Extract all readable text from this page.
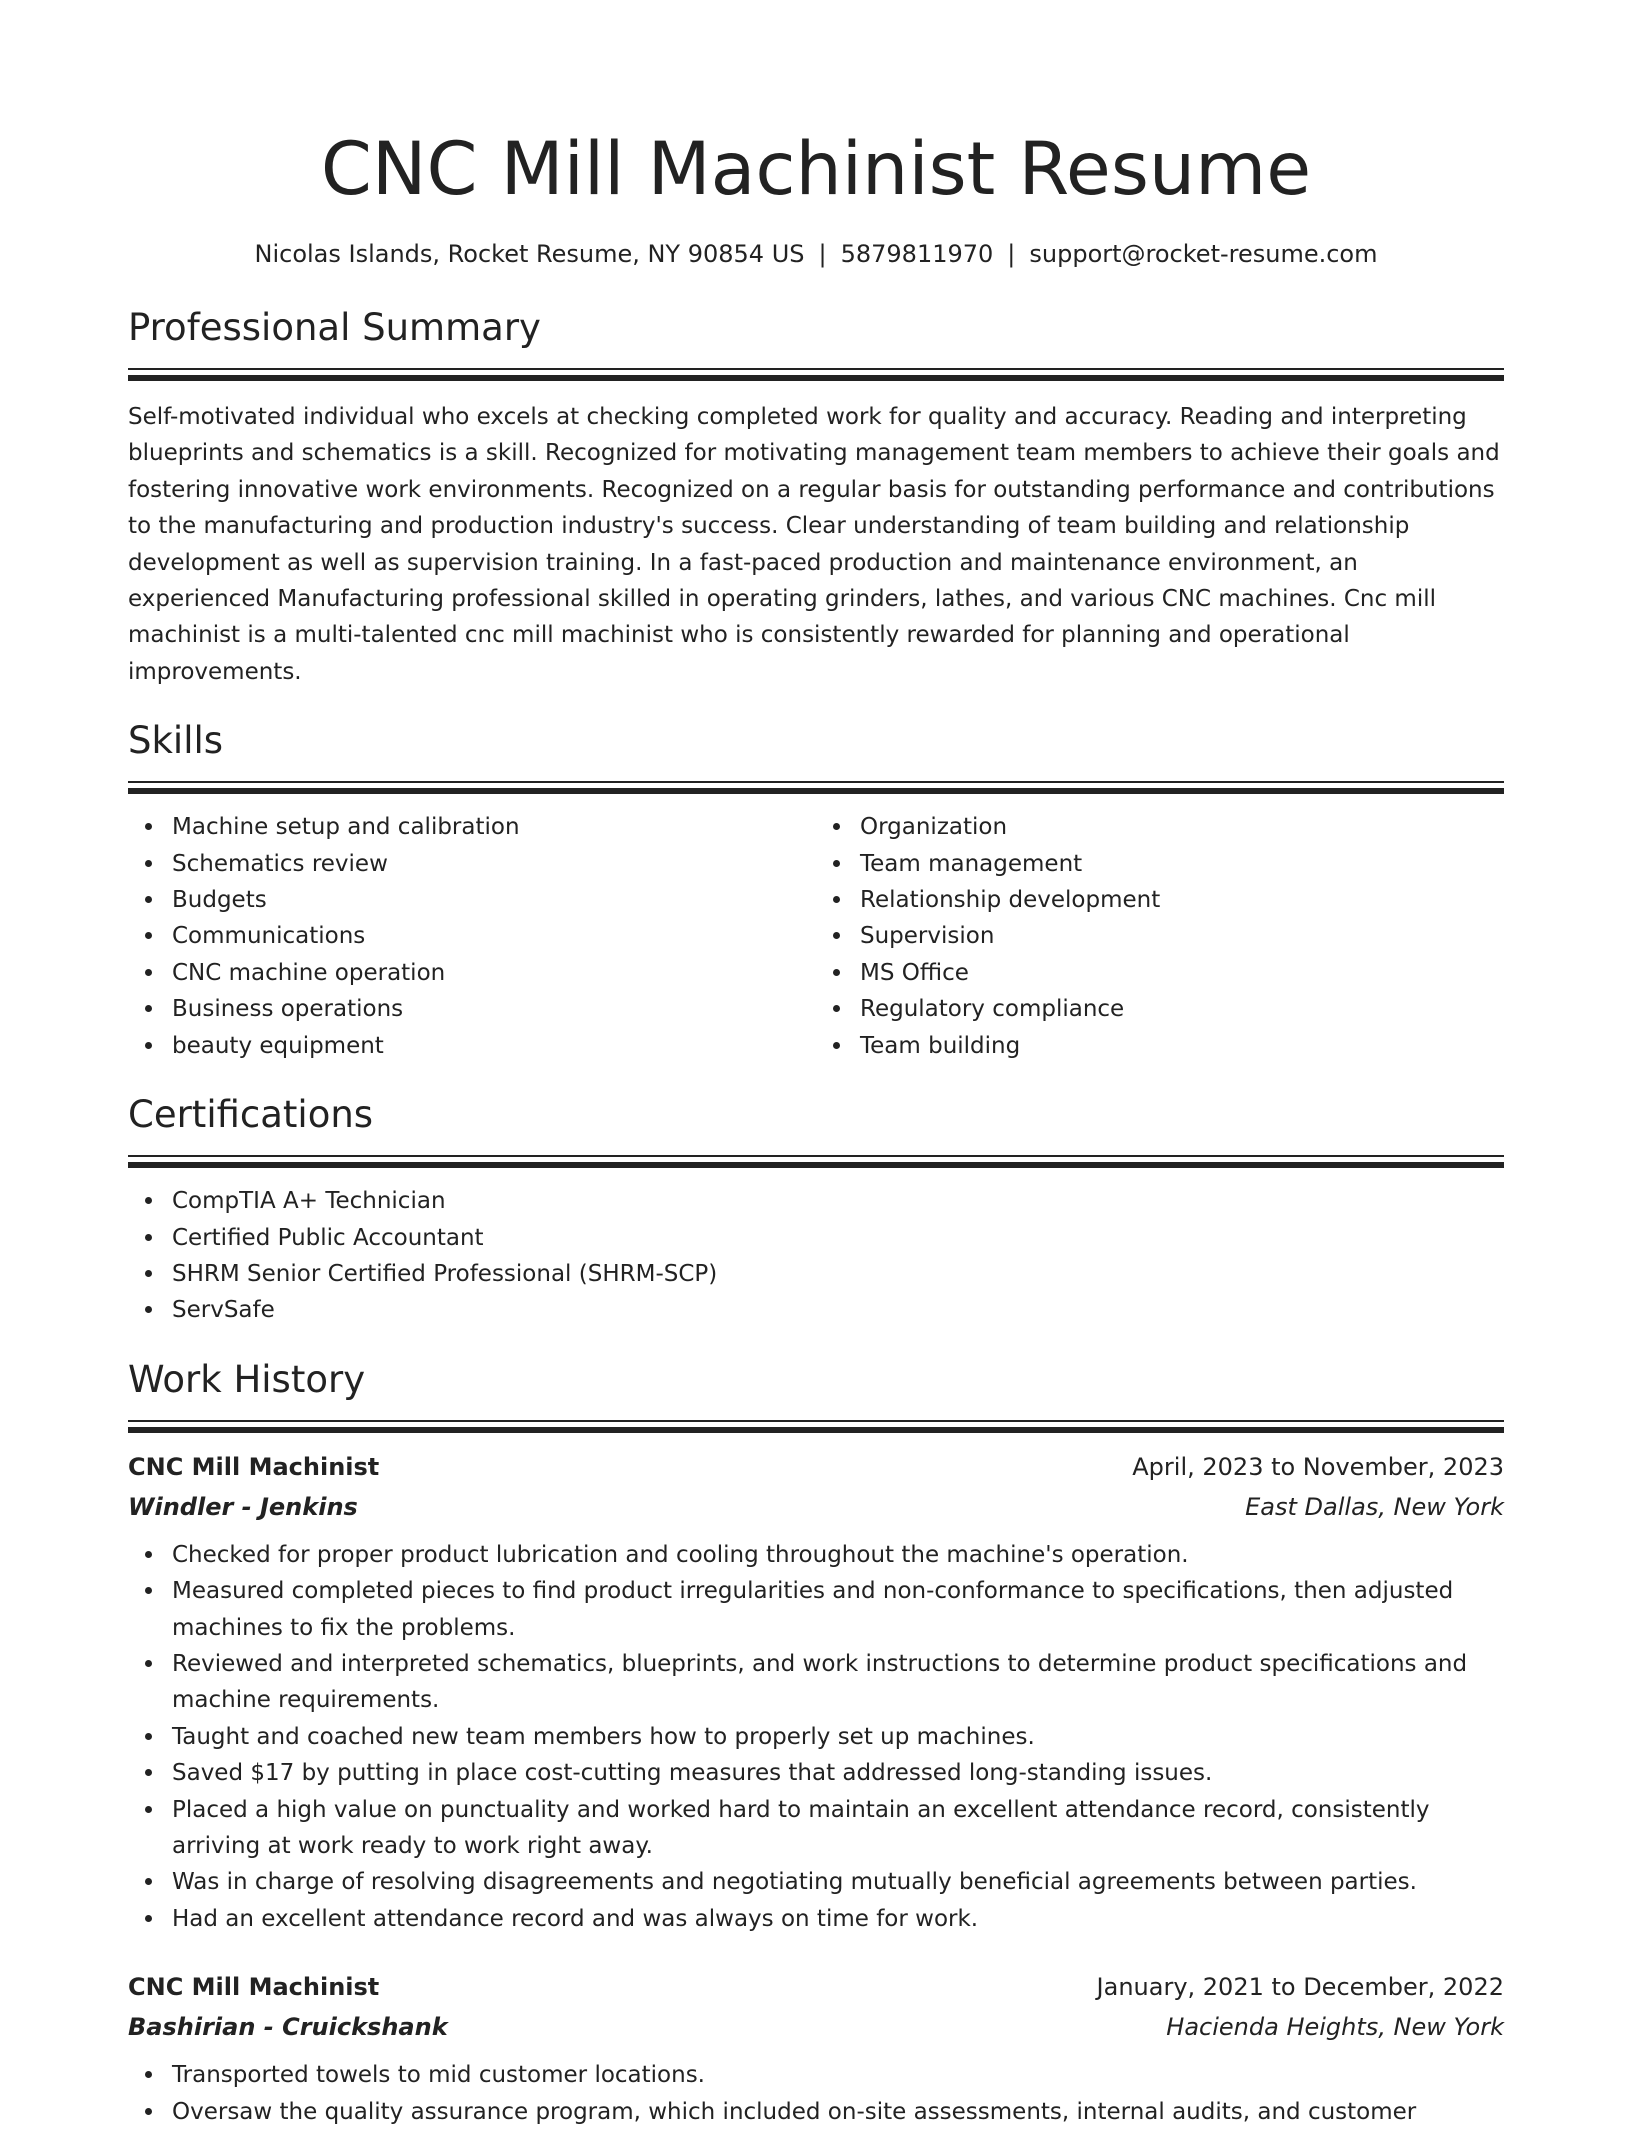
CNC Mill Machinist Resume
Nicolas Islands, Rocket Resume, NY 90854 US | 5879811970 | support@rocket-resume.com
Professional Summary
Self-motivated individual who excels at checking completed work for quality and accuracy. Reading and interpreting blueprints and schematics is a skill. Recognized for motivating management team members to achieve their goals and fostering innovative work environments. Recognized on a regular basis for outstanding performance and contributions to the manufacturing and production industry's success. Clear understanding of team building and relationship development as well as supervision training. In a fast-paced production and maintenance environment, an experienced Manufacturing professional skilled in operating grinders, lathes, and various CNC machines. Cnc mill machinist is a multi-talented cnc mill machinist who is consistently rewarded for planning and operational improvements.
Skills
Machine setup and calibration
Schematics review
Budgets
Communications
CNC machine operation
Business operations
beauty equipment
Organization
Team management
Relationship development
Supervision
MS Office
Regulatory compliance
Team building
Certifications
CompTIA A+ Technician
Certified Public Accountant
SHRM Senior Certified Professional (SHRM-SCP)
ServSafe
Work History
CNC Mill Machinist	April, 2023 to November, 2023
Windler - Jenkins	East Dallas, New York
Checked for proper product lubrication and cooling throughout the machine's operation.
Measured completed pieces to find product irregularities and non-conformance to specifications, then adjusted machines to fix the problems.
Reviewed and interpreted schematics, blueprints, and work instructions to determine product specifications and machine requirements.
Taught and coached new team members how to properly set up machines.
Saved $17 by putting in place cost-cutting measures that addressed long-standing issues.
Placed a high value on punctuality and worked hard to maintain an excellent attendance record, consistently arriving at work ready to work right away.
Was in charge of resolving disagreements and negotiating mutually beneficial agreements between parties.
Had an excellent attendance record and was always on time for work.
CNC Mill Machinist	January, 2021 to December, 2022
Bashirian - Cruickshank	Hacienda Heights, New York
Transported towels to mid customer locations.
Oversaw the quality assurance program, which included on-site assessments, internal audits, and customer
